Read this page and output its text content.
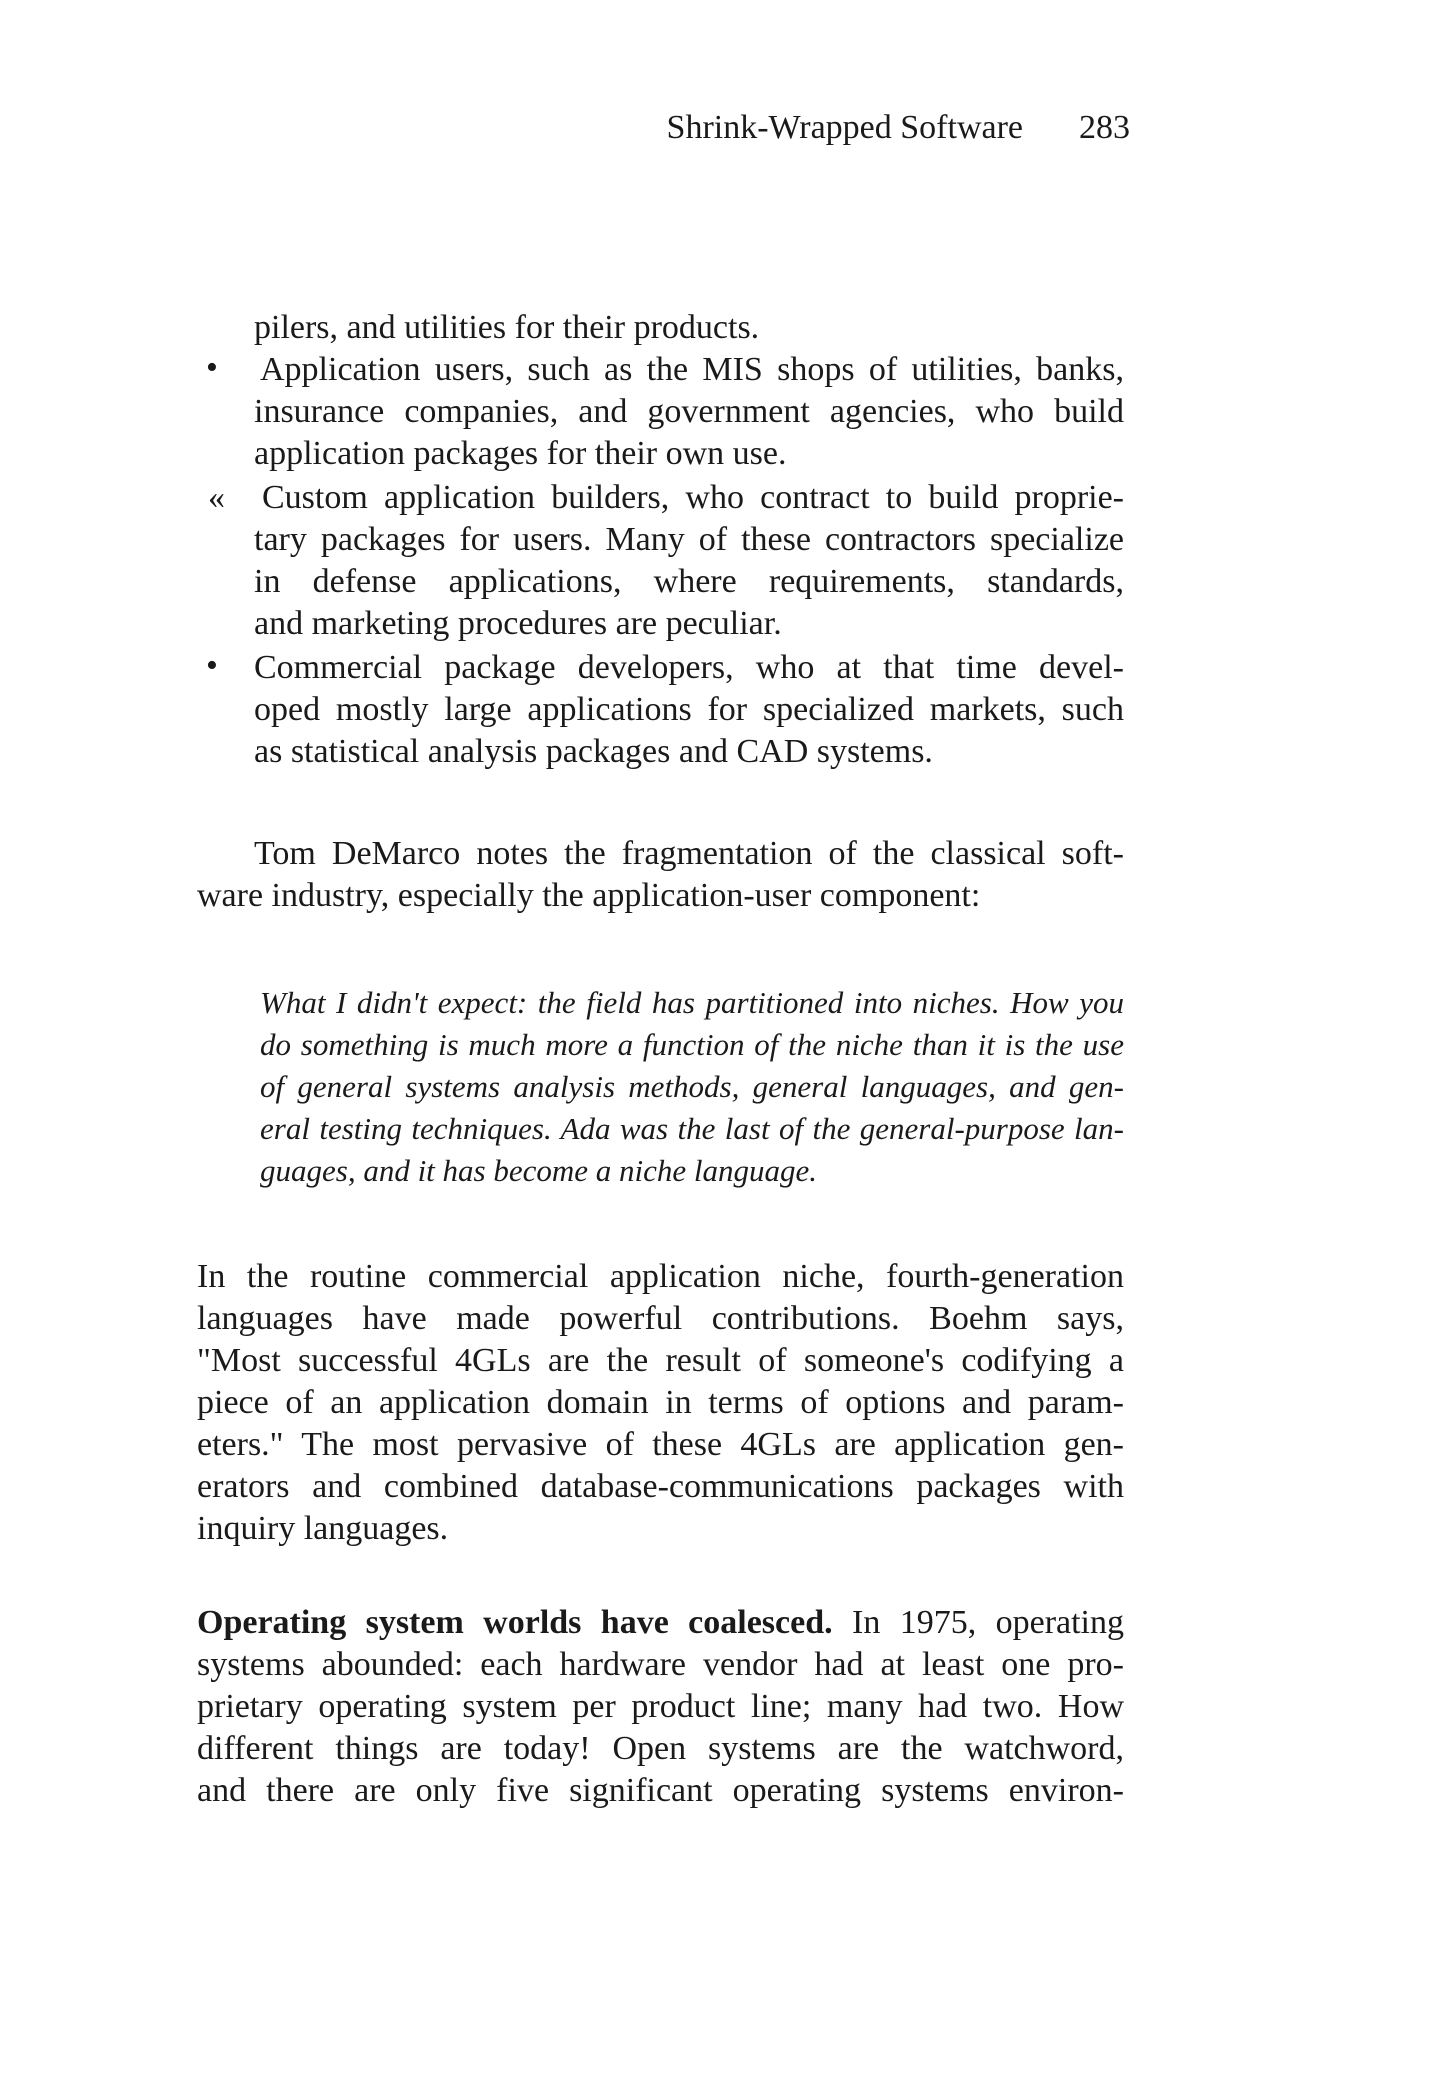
Shrink-Wrapped Software 283
pilers, and utilities for their products.
• Application users, such as the MIS shops of utilities, banks,
insurance companies, and government agencies, who build
application packages for their own use.
« Custom application builders, who contract to build proprie-
tary packages for users. Many of these contractors specialize
in defense applications, where requirements, standards,
and marketing procedures are peculiar.
• Commercial package developers, who at that time devel-
oped mostly large applications for specialized markets, such
as statistical analysis packages and CAD systems.
Tom DeMarco notes the fragmentation of the classical soft-
ware industry, especially the application-user component:
What I didn't expect: the field has partitioned into niches. How you
do something is much more a function of the niche than it is the use
of general systems analysis methods, general languages, and gen-
eral testing techniques. Ada was the last of the general-purpose lan-
guages, and it has become a niche language.
In the routine commercial application niche, fourth-generation
languages have made powerful contributions. Boehm says,
"Most successful 4GLs are the result of someone's codifying a
piece of an application domain in terms of options and param-
eters." The most pervasive of these 4GLs are application gen-
erators and combined database-communications packages with
inquiry languages.
Operating system worlds have coalesced. In 1975, operating
systems abounded: each hardware vendor had at least one pro-
prietary operating system per product line; many had two. How
different things are today! Open systems are the watchword,
and there are only five significant operating systems environ-
